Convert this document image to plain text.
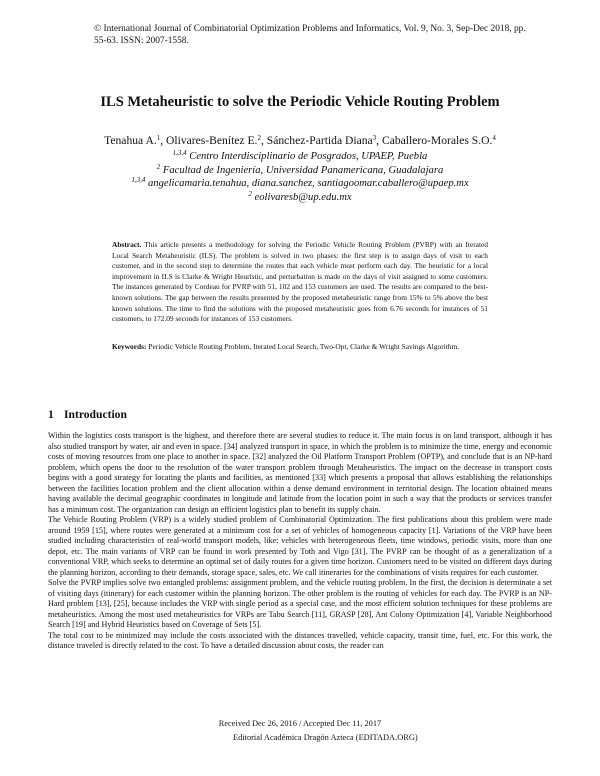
© International Journal of Combinatorial Optimization Problems and Informatics, Vol. 9, No. 3, Sep-Dec 2018, pp. 55-63. ISSN: 2007-1558.
ILS Metaheuristic to solve the Periodic Vehicle Routing Problem
Tenahua A.$^1$, Olivares-Benítez E.$^2$, Sánchez-Partida Diana$^3$, Caballero-Morales S.O.$^4$
$^{1,3,4}$ Centro Interdisciplinario de Posgrados, UPAEP, Puebla
$^2$ Facultad de Ingeniería, Universidad Panamericana, Guadalajara
$^{1,3,4}$ angelicamaria.tenahua, diana.sanchez, santiagoomar.caballero@upaep.mx
$^2$ eolivaresb@up.edu.mx

Abstract. This article presents a methodology for solving the Periodic Vehicle Routing Problem (PVRP) with an Iterated Local Search Metaheuristic (ILS). The problem is solved in two phases: the first step is to assign days of visit to each customer, and in the second step to determine the routes that each vehicle must perform each day. The heuristic for a local improvement in ILS is Clarke & Wright Heuristic, and perturbation is made on the days of visit assigned to some customers. The instances generated by Cordeau for PVRP with 51, 102 and 153 customers are used. The results are compared to the best-known solutions. The gap between the results presented by the proposed metaheuristic range from 15% to 5% above the best known solutions. The time to find the solutions with the proposed metaheuristic goes from 6.76 seconds for instances of 51 customers, to 172.09 seconds for instances of 153 customers.

Keywords: Periodic Vehicle Routing Problem, Iterated Local Search, Two-Opt, Clarke & Wright Savings Algorithm.

1 Introduction

Within the logistics costs transport is the highest, and therefore there are several studies to reduce it. The main focus is on land transport, although it has also studied transport by water, air and even in space. [34] analyzed transport in space, in which the problem is to minimize the time, energy and economic costs of moving resources from one place to another in space. [32] analyzed the Oil Platform Transport Problem (OPTP), and conclude that is an NP-hard problem, which opens the door to the resolution of the water transport problem through Metaheuristics. The impact on the decrease in transport costs begins with a good strategy for locating the plants and facilities, as mentioned [33] which presents a proposal that allows establishing the relationships between the facilities location problem and the client allocation within a dense demand environment in territorial design. The location obtained means having available the decimal geographic coordinates in longitude and latitude from the location point in such a way that the products or services transfer has a minimum cost. The organization can design an efficient logistics plan to benefit its supply chain.

The Vehicle Routing Problem (VRP) is a widely studied problem of Combinatorial Optimization. The first publications about this problem were made around 1959 [15], where routes were generated at a minimum cost for a set of vehicles of homogeneous capacity [1]. Variations of the VRP have been studied including characteristics of real-world transport models, like: vehicles with heterogeneous fleets, time windows, periodic visits, more than one depot, etc. The main variants of VRP can be found in work presented by Toth and Vigo [31]. The PVRP can be thought of as a generalization of a conventional VRP, which seeks to determine an optimal set of daily routes for a given time horizon. Customers need to be visited on different days during the planning horizon, according to their demands, storage space, sales, etc. We call itineraries for the combinations of visits requires for each customer.

Solve the PVRP implies solve two entangled problems: assignment problem, and the vehicle routing problem. In the first, the decision is determinate a set of visiting days (itinerary) for each customer within the planning horizon. The other problem is the routing of vehicles for each day. The PVRP is an NP-Hard problem [13], [25], because includes the VRP with single period as a special case, and the most efficient solution techniques for these problems are metaheuristics. Among the most used metaheuristics for VRPs are Tabu Search [11], GRASP [28], Ant Colony Optimization [4], Variable Neighborhood Search [19] and Hybrid Heuristics based on Coverage of Sets [5].

The total cost to be minimized may include the costs associated with the distances travelled, vehicle capacity, transit time, fuel, etc. For this work, the distance traveled is directly related to the cost. To have a detailed discussion about costs, the reader can

Received Dec 26, 2016 / Accepted Dec 11, 2017
Editorial Académica Dragón Azteca (EDITADA.ORG)
